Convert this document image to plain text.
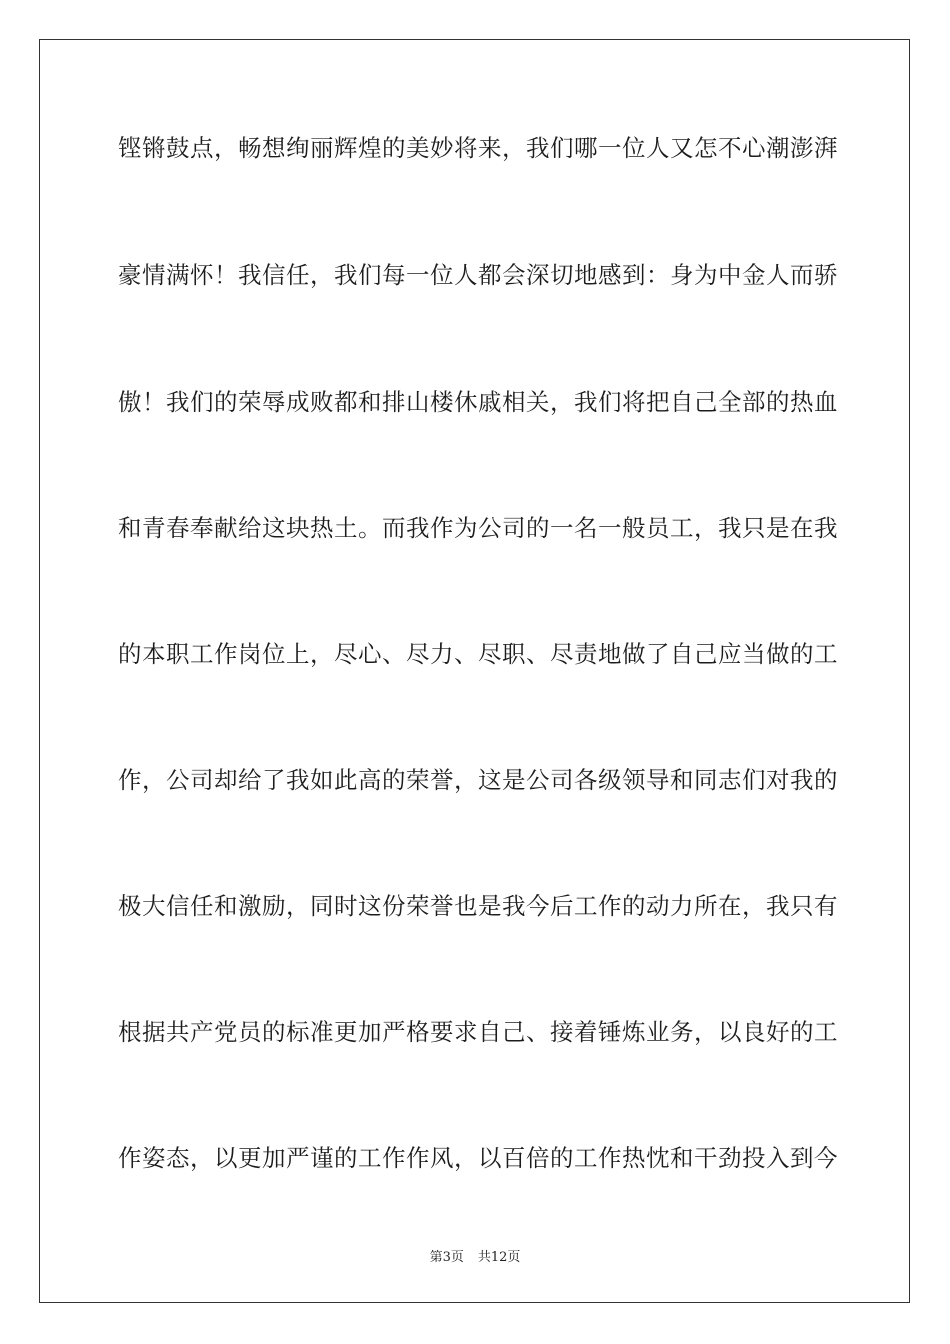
铿锵鼓点，畅想绚丽辉煌的美妙将来，我们哪一位人又怎不心潮澎湃
豪情满怀！我信任，我们每一位人都会深切地感到：身为中金人而骄
傲！我们的荣辱成败都和排山楼休戚相关，我们将把自己全部的热血
和青春奉献给这块热土。而我作为公司的一名一般员工，我只是在我
的本职工作岗位上，尽心、尽力、尽职、尽责地做了自己应当做的工
作，公司却给了我如此高的荣誉，这是公司各级领导和同志们对我的
极大信任和激励，同时这份荣誉也是我今后工作的动力所在，我只有
根据共产党员的标准更加严格要求自己、接着锤炼业务，以良好的工
作姿态，以更加严谨的工作作风，以百倍的工作热忱和干劲投入到今
第3页 共12页
